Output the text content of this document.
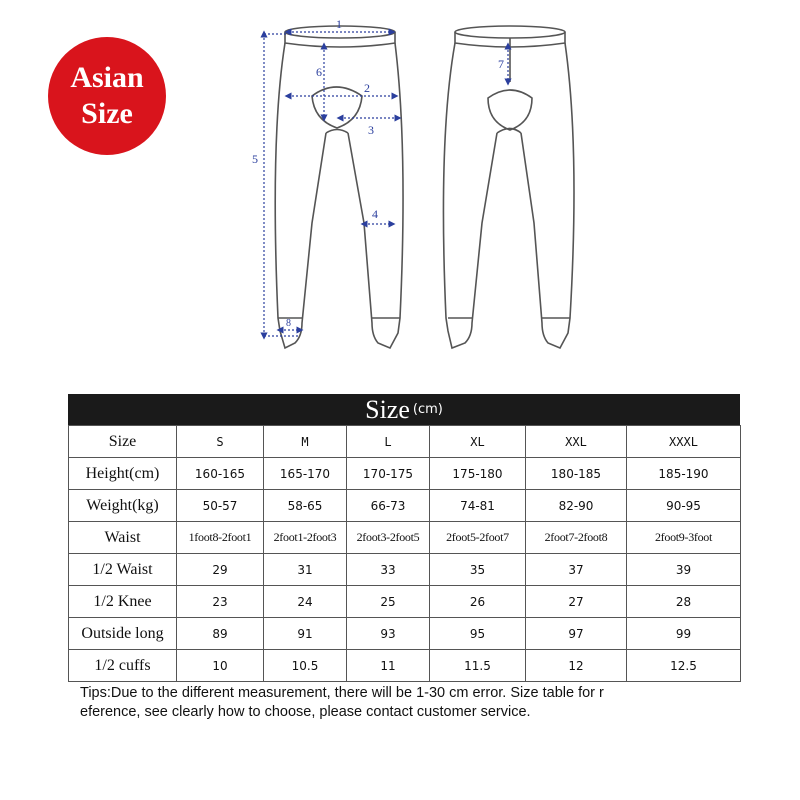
Asian
Size
1
2
3
4
5
6
8
7
Size (cm)
Size	S	M	L	XL	XXL	XXXL
Height(cm)	160-165	165-170	170-175	175-180	180-185	185-190
Weight(kg)	50-57	58-65	66-73	74-81	82-90	90-95
Waist	1foot8-2foot1	2foot1-2foot3	2foot3-2foot5	2foot5-2foot7	2foot7-2foot8	2foot9-3foot
1/2 Waist	29	31	33	35	37	39
1/2 Knee	23	24	25	26	27	28
Outside long	89	91	93	95	97	99
1/2 cuffs	10	10.5	11	11.5	12	12.5
Tips:Due to the different measurement, there will be 1-30 cm error. Size table for r
eference, see clearly how to choose, please contact customer service.
